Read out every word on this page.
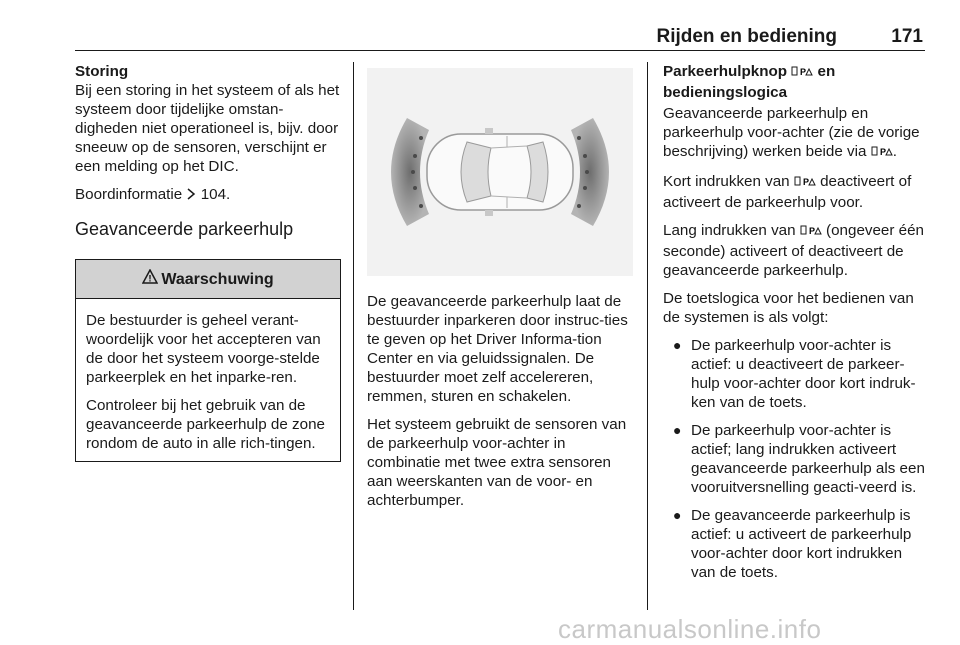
Rijden en bediening	171
Storing

Bij een storing in het systeem of als het systeem door tijdelijke omstan-digheden niet operationeel is, bijv. door sneeuw op de sensoren, verschijnt er een melding op het DIC.

Boordinformatie 104.

Geavanceerde parkeerhulp
! Waarschuwing

De bestuurder is geheel verant-woordelijk voor het accepteren van de door het systeem voorge-stelde parkeerplek en het inparke-ren.

Controleer bij het gebruik van de geavanceerde parkeerhulp de zone rondom de auto in alle rich-tingen.

De geavanceerde parkeerhulp laat de bestuurder inparkeren door instruc-ties te geven op het Driver Informa-tion Center en via geluidssignalen. De bestuurder moet zelf accelereren, remmen, sturen en schakelen.

Het systeem gebruikt de sensoren van de parkeerhulp voor-achter in combinatie met twee extra sensoren aan weerskanten van de voor- en achterbumper.

Parkeerhulpknop P en bedieningslogica

Geavanceerde parkeerhulp en parkeerhulp voor-achter (zie de vorige beschrijving) werken beide via P .

Kort indrukken van P deactiveert of activeert de parkeerhulp voor.

Lang indrukken van P (ongeveer één seconde) activeert of deactiveert de geavanceerde parkeerhulp.

De toetslogica voor het bedienen van de systemen is als volgt:

● De parkeerhulp voor-achter is actief: u deactiveert de parkeer-hulp voor-achter door kort indruk-ken van de toets.
● De parkeerhulp voor-achter is actief; lang indrukken activeert geavanceerde parkeerhulp als een vooruitversnelling geacti-veerd is.
● De geavanceerde parkeerhulp is actief: u activeert de parkeerhulp voor-achter door kort indrukken van de toets.
carmanualsonline.info
